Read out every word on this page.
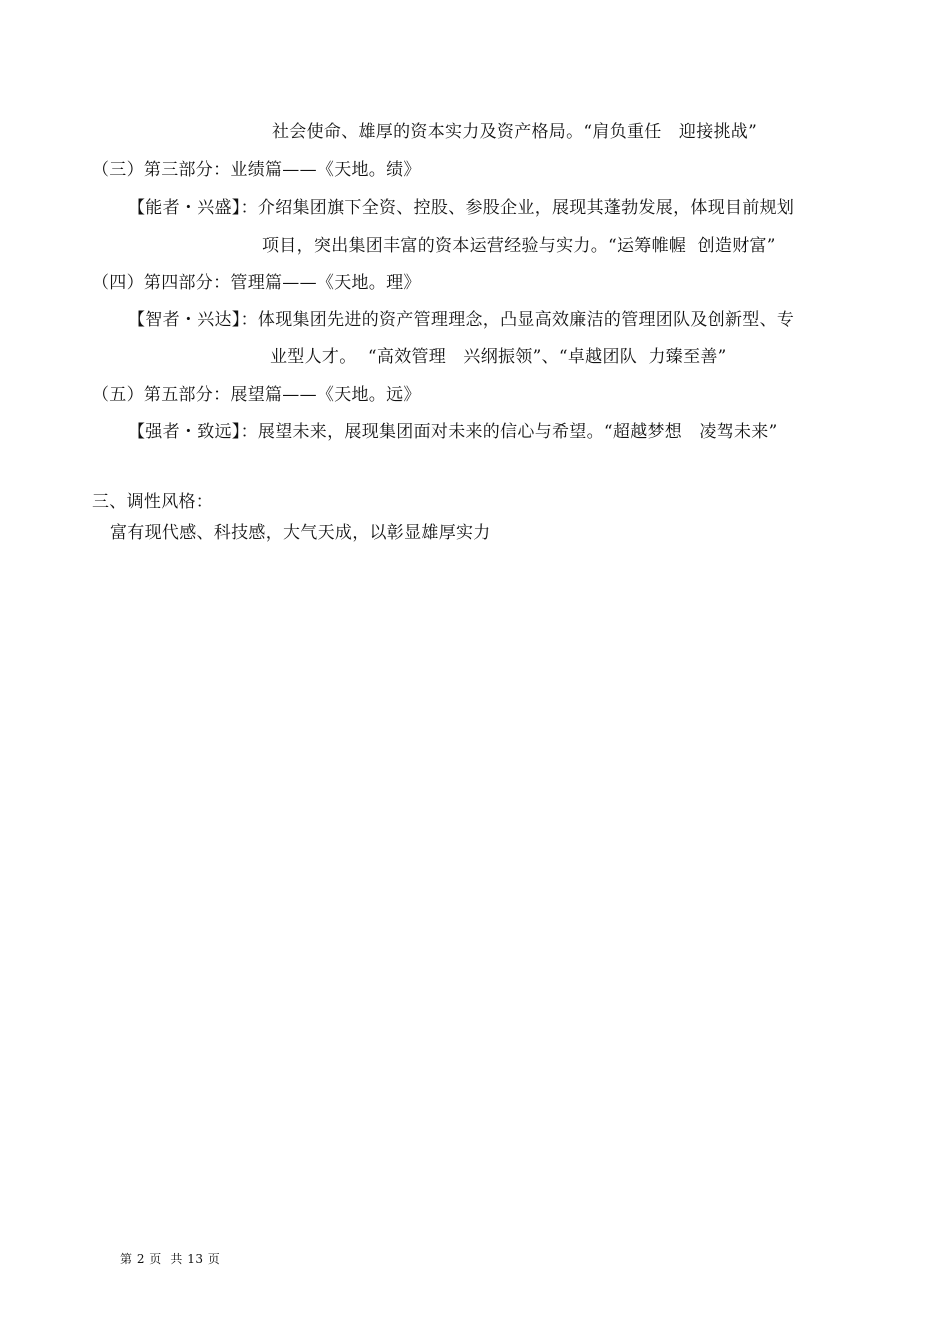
社会使命、雄厚的资本实力及资产格局。“肩负重任　迎接挑战”
（三）第三部分：业绩篇——《天地。绩》
【能者・兴盛】：介绍集团旗下全资、控股、参股企业，展现其蓬勃发展，体现目前规划
项目，突出集团丰富的资本运营经验与实力。“运筹帷幄  创造财富”
（四）第四部分：管理篇——《天地。理》
【智者・兴达】：体现集团先进的资产管理理念，凸显高效廉洁的管理团队及创新型、专
业型人才。  “高效管理　兴纲振领”、“卓越团队  力臻至善”
（五）第五部分：展望篇——《天地。远》
【强者・致远】：展望未来，展现集团面对未来的信心与希望。“超越梦想　凌驾未来”
三、调性风格：
富有现代感、科技感，大气天成，以彰显雄厚实力
第 2 页  共 13 页
